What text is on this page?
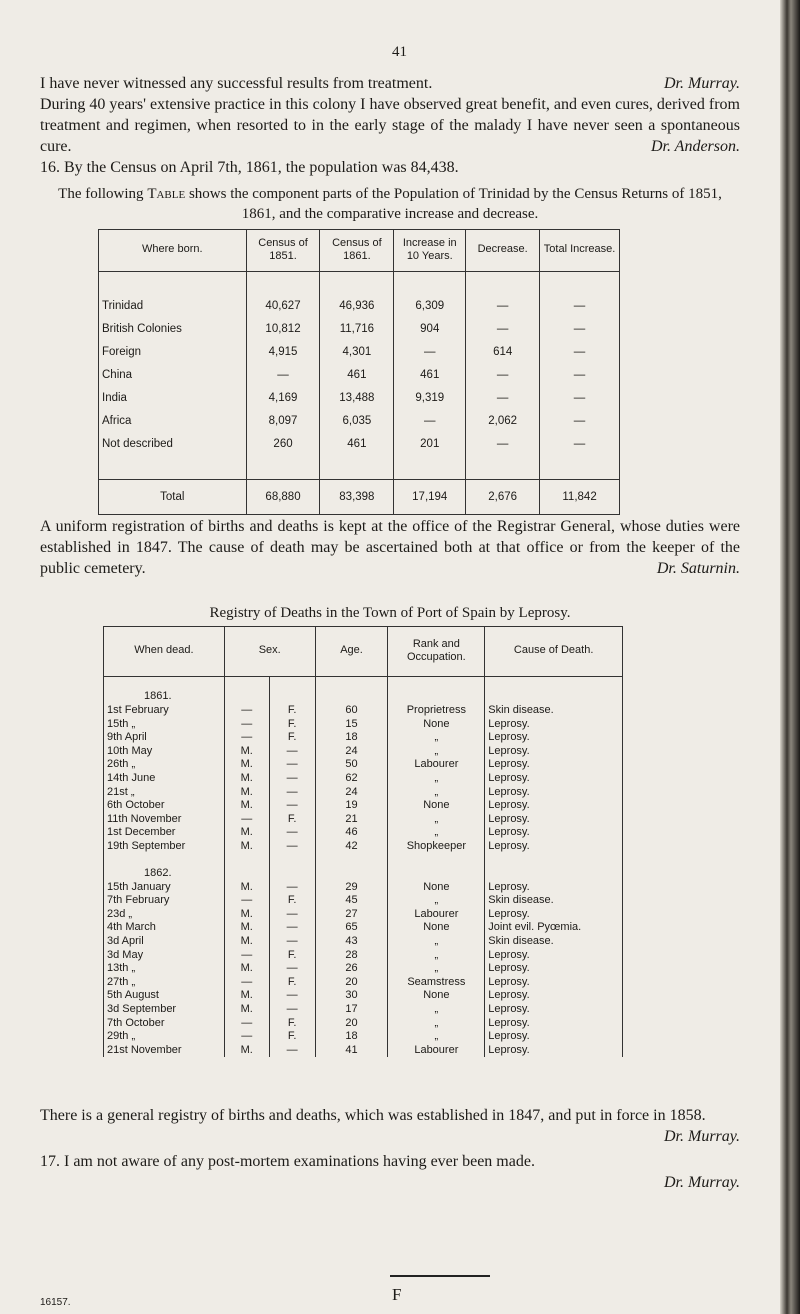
41

I have never witnessed any successful results from treatment.	Dr. Murray.

During 40 years' extensive practice in this colony I have observed great benefit, and even cures, derived from treatment and regimen, when resorted to in the early stage of the malady I have never seen a spontaneous cure.	Dr. Anderson.

16. By the Census on April 7th, 1861, the population was 84,438.

The following Table shows the component parts of the Population of Trinidad by the Census Returns of 1851, 1861, and the comparative increase and decrease.

Where born.	Census of 1851.	Census of 1861.	Increase in 10 Years.	Decrease.	Total Increase.

Trinidad	40,627	46,936	6,309	—	—
British Colonies	10,812	11,716	904	—	—
Foreign	4,915	4,301	—	614	—
China	—	461	461	—	—
India	4,169	13,488	9,319	—	—
Africa	8,097	6,035	—	2,062	—
Not described	260	461	201	—	—

Total	68,880	83,398	17,194	2,676	11,842

A uniform registration of births and deaths is kept at the office of the Registrar General, whose duties were established in 1847. The cause of death may be ascertained both at that office or from the keeper of the public cemetery.	Dr. Saturnin.

Registry of Deaths in the Town of Port of Spain by Leprosy.

When dead.	Sex.		Age.	Rank and Occupation.	Cause of Death.

1861.					
1st February	—	F.	60	Proprietress	Skin disease.
15th „	—	F.	15	None	Leprosy.
9th April	—	F.	18	„	Leprosy.
10th May	M.	—	24	„	Leprosy.
26th „	M.	—	50	Labourer	Leprosy.
14th June	M.	—	62	„	Leprosy.
21st „	M.	—	24	„	Leprosy.
6th October	M.	—	19	None	Leprosy.
11th November	—	F.	21	„	Leprosy.
1st December	M.	—	46	„	Leprosy.
19th September	M.	—	42	Shopkeeper	Leprosy.

1862.					
15th January	M.	—	29	None	Leprosy.
7th February	—	F.	45	„	Skin disease.
23d „	M.	—	27	Labourer	Leprosy.
4th March	M.	—	65	None	Joint evil. Pyœmia.
3d April	M.	—	43	„	Skin disease.
3d May	—	F.	28	„	Leprosy.
13th „	M.	—	26	„	Leprosy.
27th „	—	F.	20	Seamstress	Leprosy.
5th August	M.	—	30	None	Leprosy.
3d September	M.	—	17	„	Leprosy.
7th October	—	F.	20	„	Leprosy.
29th „	—	F.	18	„	Leprosy.
21st November	M.	—	41	Labourer	Leprosy.

There is a general registry of births and deaths, which was established in 1847, and put in force in 1858.
Dr. Murray.

17. I am not aware of any post-mortem examinations having ever been made.

Dr. Murray.

16157.	F
